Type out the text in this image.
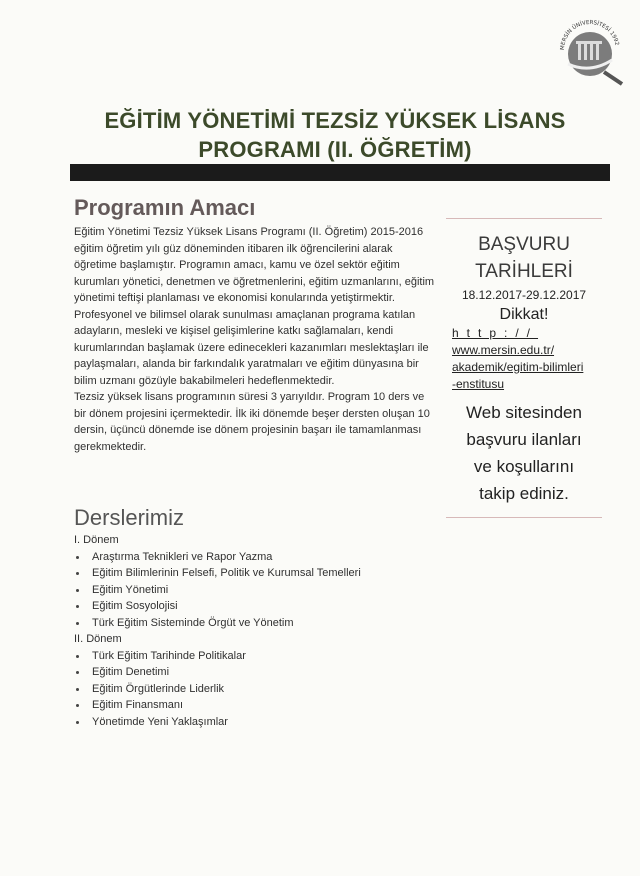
MERSİN ÜNİVERSİTESİ 1992
EĞİTİM YÖNETİMİ TEZSİZ YÜKSEK LİSANS
PROGRAMI (II. ÖĞRETİM)
Programın Amacı

Eğitim Yönetimi Tezsiz Yüksek Lisans Programı (II. Öğretim) 2015-2016 eğitim öğretim yılı güz döneminden itibaren ilk öğrencilerini alarak öğretime başlamıştır. Programın amacı, kamu ve özel sektör eğitim kurumları yönetici, denetmen ve öğretmenlerini, eğitim uzmanlarını, eğitim yönetimi teftişi planlaması ve ekonomisi konularında yetiştirmektir. Profesyonel ve bilimsel olarak sunulması amaçlanan programa katılan adayların, mesleki ve kişisel gelişimlerine katkı sağlamaları, kendi kurumlarından başlamak üzere edinecekleri kazanımları meslektaşları ile paylaşmaları, alanda bir farkındalık yaratmaları ve eğitim dünyasına bir bilim uzmanı gözüyle bakabilmeleri hedeflenmektedir.

Tezsiz yüksek lisans programının süresi 3 yarıyıldır. Program 10 ders ve bir dönem projesini içermektedir. İlk iki dönemde beşer dersten oluşan 10 dersin, üçüncü dönemde ise dönem projesinin başarı ile tamamlanması gerekmektedir.

BAŞVURU
TARİHLERİ
18.12.2017-29.12.2017
Dikkat!
http://
www.mersin.edu.tr/
akademik/egitim-bilimleri
-enstitusu
Web sitesinden
başvuru ilanları
ve koşullarını
takip ediniz.
Derslerimiz

I. Dönem

Araştırma Teknikleri ve Rapor Yazma
Eğitim Bilimlerinin Felsefi, Politik ve Kurumsal Temelleri
Eğitim Yönetimi
Eğitim Sosyolojisi
Türk Eğitim Sisteminde Örgüt ve Yönetim

II. Dönem

Türk Eğitim Tarihinde Politikalar
Eğitim Denetimi
Eğitim Örgütlerinde Liderlik
Eğitim Finansmanı
Yönetimde Yeni Yaklaşımlar
